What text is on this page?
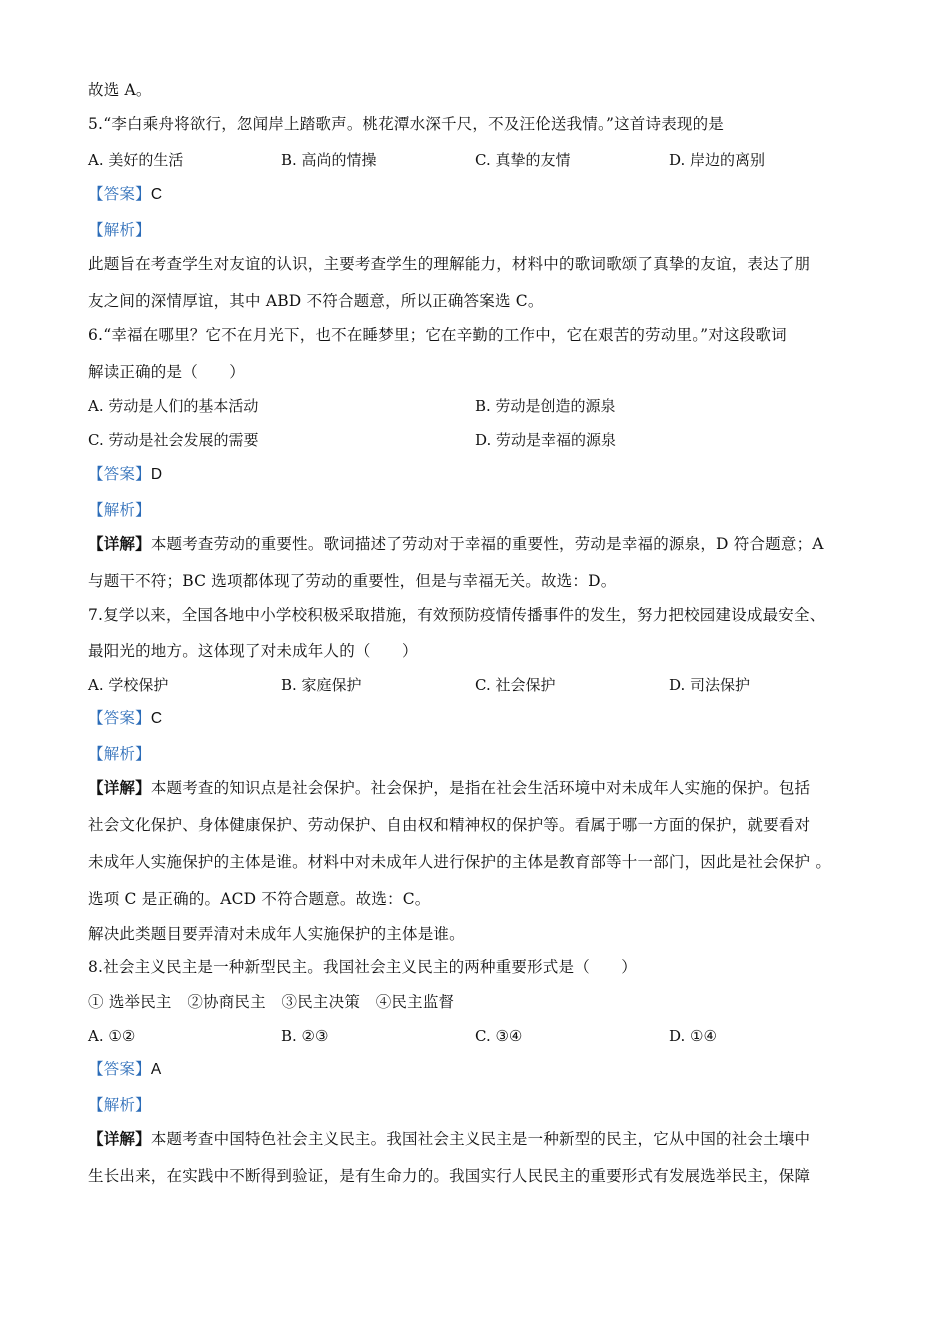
故选 A。
5.“李白乘舟将欲行，忽闻岸上踏歌声。桃花潭水深千尺，不及汪伦送我情。”这首诗表现的是
A. 美好的生活	B. 高尚的情操	C. 真挚的友情	D. 岸边的离别
【答案】C
【解析】
此题旨在考查学生对友谊的认识，主要考查学生的理解能力，材料中的歌词歌颂了真挚的友谊，表达了朋
友之间的深情厚谊，其中 ABD 不符合题意，所以正确答案选 C。
6.“幸福在哪里？它不在月光下，也不在睡梦里；它在辛勤的工作中，它在艰苦的劳动里。”对这段歌词
解读正确的是（　　）
A. 劳动是人们的基本活动	B. 劳动是创造的源泉
C. 劳动是社会发展的需要	D. 劳动是幸福的源泉
【答案】D
【解析】
【详解】本题考查劳动的重要性。歌词描述了劳动对于幸福的重要性，劳动是幸福的源泉，D 符合题意；A
与题干不符；BC 选项都体现了劳动的重要性，但是与幸福无关。故选：D。
7.复学以来，全国各地中小学校积极采取措施，有效预防疫情传播事件的发生，努力把校园建设成最安全、
最阳光的地方。这体现了对未成年人的（　　）
A. 学校保护	B. 家庭保护	C. 社会保护	D. 司法保护
【答案】C
【解析】
【详解】本题考查的知识点是社会保护。社会保护，是指在社会生活环境中对未成年人实施的保护。包括
社会文化保护、身体健康保护、劳动保护、自由权和精神权的保护等。看属于哪一方面的保护，就要看对
未成年人实施保护的主体是谁。材料中对未成年人进行保护的主体是教育部等十一部门，因此是社会保护 。
选项 C 是正确的。ACD 不符合题意。故选：C。
解决此类题目要弄清对未成年人实施保护的主体是谁。
8.社会主义民主是一种新型民主。我国社会主义民主的两种重要形式是（　　）
① 选举民主　②协商民主　③民主决策　④民主监督
A. ①②	B. ②③	C. ③④	D. ①④
【答案】A
【解析】
【详解】本题考查中国特色社会主义民主。我国社会主义民主是一种新型的民主，它从中国的社会土壤中
生长出来，在实践中不断得到验证，是有生命力的。我国实行人民民主的重要形式有发展选举民主，保障
